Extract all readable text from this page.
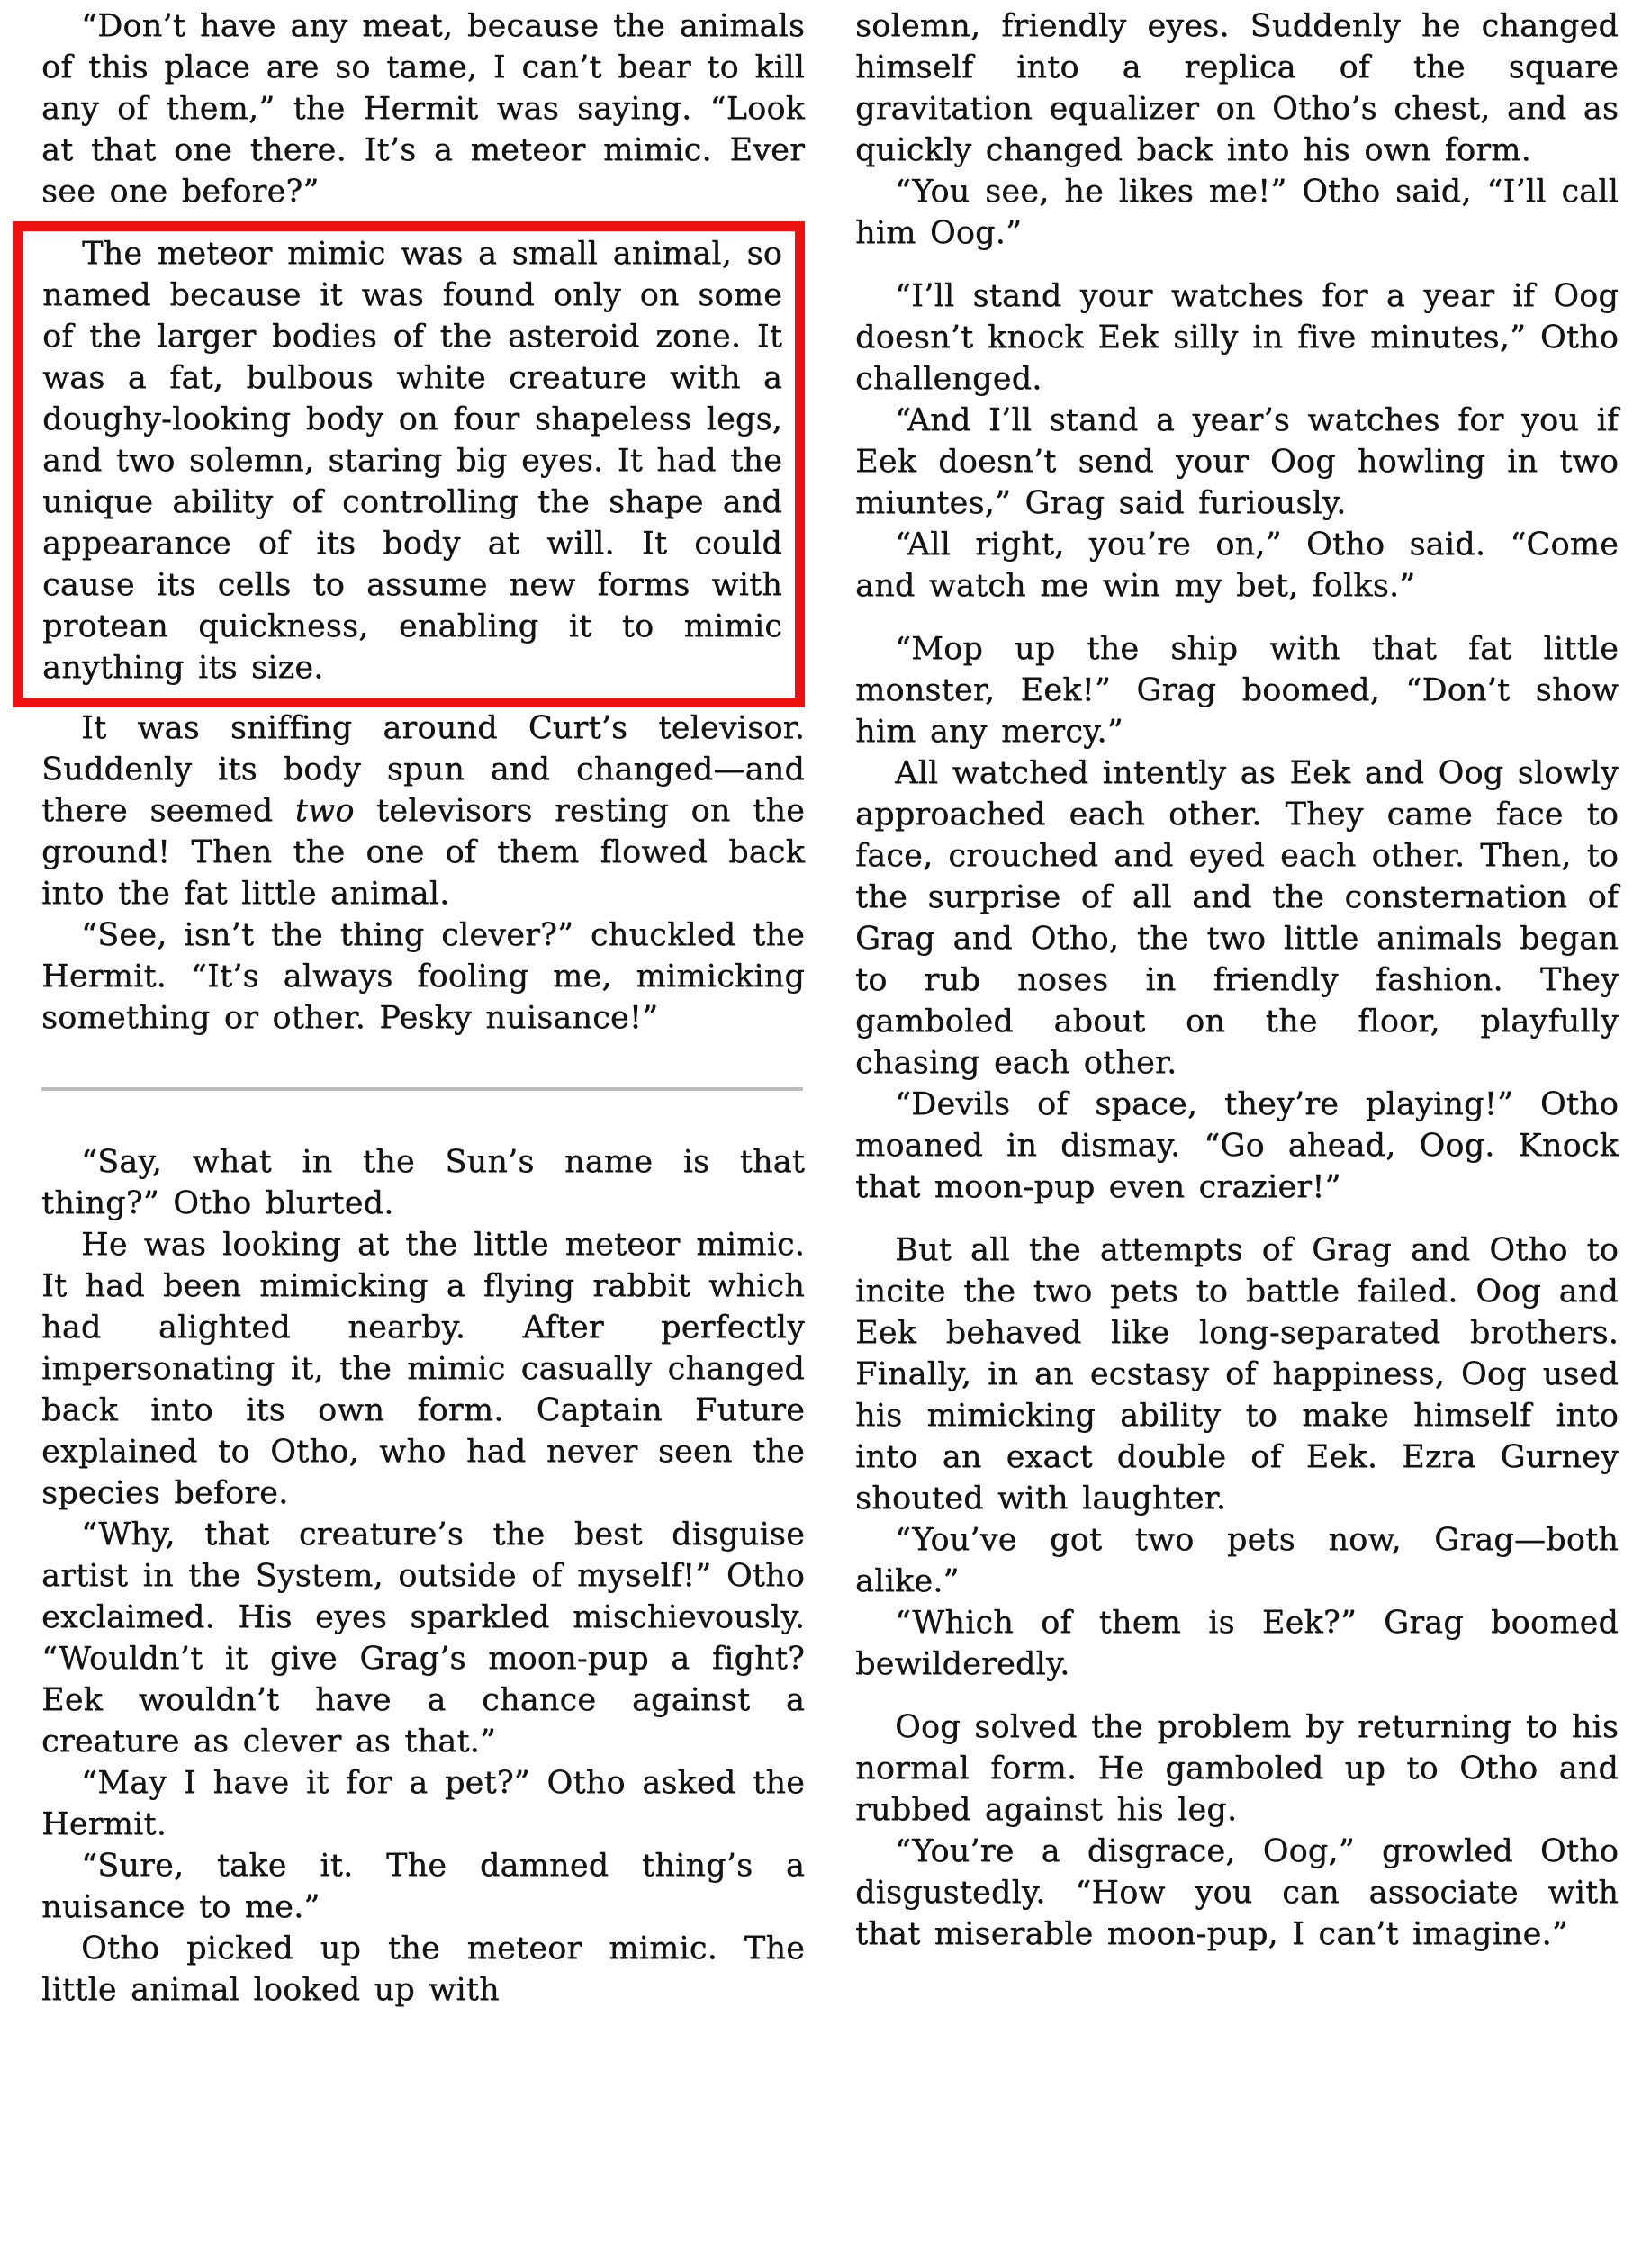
“Don’t have any meat, because the animals of this place are so tame, I can’t bear to kill any of them,” the Hermit was saying. “Look at that one there. It’s a meteor mimic. Ever see one before?”

The meteor mimic was a small animal, so named because it was found only on some of the larger bodies of the asteroid zone. It was a fat, bulbous white creature with a doughy-looking body on four shapeless legs, and two solemn, staring big eyes. It had the unique ability of controlling the shape and appearance of its body at will. It could cause its cells to assume new forms with protean quickness, enabling it to mimic anything its size.

It was sniffing around Curt’s televisor. Suddenly its body spun and changed—and there seemed two televisors resting on the ground! Then the one of them flowed back into the fat little animal.

“See, isn’t the thing clever?” chuckled the Hermit. “It’s always fooling me, mimicking something or other. Pesky nuisance!”

“Say, what in the Sun’s name is that thing?” Otho blurted.

He was looking at the little meteor mimic. It had been mimicking a flying rabbit which had alighted nearby. After perfectly impersonating it, the mimic casually changed back into its own form. Captain Future explained to Otho, who had never seen the species before.

“Why, that creature’s the best disguise artist in the System, outside of myself!” Otho exclaimed. His eyes sparkled mischievously. “Wouldn’t it give Grag’s moon-pup a fight? Eek wouldn’t have a chance against a creature as clever as that.”

“May I have it for a pet?” Otho asked the Hermit.

“Sure, take it. The damned thing’s a nuisance to me.”

Otho picked up the meteor mimic. The little animal looked up with

solemn, friendly eyes. Suddenly he changed himself into a replica of the square gravitation equalizer on Otho’s chest, and as quickly changed back into his own form.

“You see, he likes me!” Otho said, “I’ll call him Oog.”

“I’ll stand your watches for a year if Oog doesn’t knock Eek silly in five minutes,” Otho challenged.

“And I’ll stand a year’s watches for you if Eek doesn’t send your Oog howling in two miuntes,” Grag said furiously.

“All right, you’re on,” Otho said. “Come and watch me win my bet, folks.”

“Mop up the ship with that fat little monster, Eek!” Grag boomed, “Don’t show him any mercy.”

All watched intently as Eek and Oog slowly approached each other. They came face to face, crouched and eyed each other. Then, to the surprise of all and the consternation of Grag and Otho, the two little animals began to rub noses in friendly fashion. They gamboled about on the floor, playfully chasing each other.

“Devils of space, they’re playing!” Otho moaned in dismay. “Go ahead, Oog. Knock that moon-pup even crazier!”

But all the attempts of Grag and Otho to incite the two pets to battle failed. Oog and Eek behaved like long-separated brothers. Finally, in an ecstasy of happiness, Oog used his mimicking ability to make himself into into an exact double of Eek. Ezra Gurney shouted with laughter.

“You’ve got two pets now, Grag—both alike.”

“Which of them is Eek?” Grag boomed bewilderedly.

Oog solved the problem by returning to his normal form. He gamboled up to Otho and rubbed against his leg.

“You’re a disgrace, Oog,” growled Otho disgustedly. “How you can associate with that miserable moon-pup, I can’t imagine.”
